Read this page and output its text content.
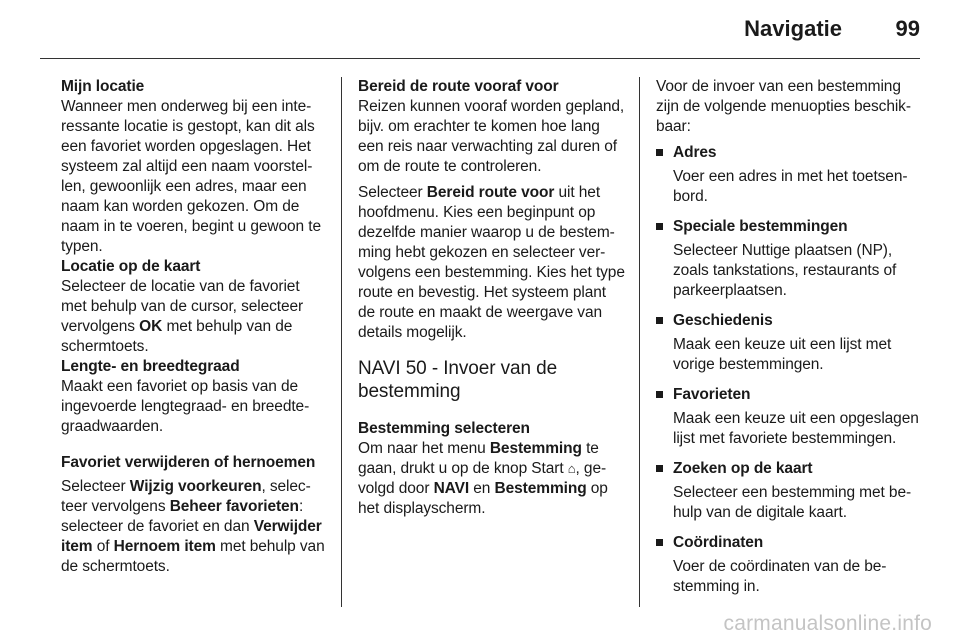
Navigatie 99
Mijn locatie

Wanneer men onderweg bij een interessante locatie is gestopt, kan dit als een favoriet worden opgeslagen. Het systeem zal altijd een naam voorstellen, gewoonlijk een adres, maar een naam kan worden gekozen. Om de naam in te voeren, begint u gewoon te typen.

Locatie op de kaart

Selecteer de locatie van de favoriet met behulp van de cursor, selecteer vervolgens OK met behulp van de schermtoets.

Lengte- en breedtegraad

Maakt een favoriet op basis van de ingevoerde lengtegraad- en breedtegraadwaarden.

Favoriet verwijderen of hernoemen

Selecteer Wijzig voorkeuren, selecteer vervolgens Beheer favorieten: selecteer de favoriet en dan Verwijder item of Hernoem item met behulp van de schermtoets.

Bereid de route vooraf voor

Reizen kunnen vooraf worden gepland, bijv. om erachter te komen hoe lang een reis naar verwachting zal duren of om de route te controleren.

Selecteer Bereid route voor uit het hoofdmenu. Kies een beginpunt op dezelfde manier waarop u de bestemming hebt gekozen en selecteer vervolgens een bestemming. Kies het type route en bevestig. Het systeem plant de route en maakt de weergave van details mogelijk.

NAVI 50 - Invoer van de bestemming
Bestemming selecteren

Om naar het menu Bestemming te gaan, drukt u op de knop Start ⌂, gevolgd door NAVI en Bestemming op het displayscherm.

Voor de invoer van een bestemming zijn de volgende menuopties beschikbaar:

Adres
Voer een adres in met het toetsenbord.
Speciale bestemmingen
Selecteer Nuttige plaatsen (NP), zoals tankstations, restaurants of parkeerplaatsen.
Geschiedenis
Maak een keuze uit een lijst met vorige bestemmingen.
Favorieten
Maak een keuze uit een opgeslagen lijst met favoriete bestemmingen.
Zoeken op de kaart
Selecteer een bestemming met behulp van de digitale kaart.
Coördinaten
Voer de coördinaten van de bestemming in.
carmanualsonline.info
